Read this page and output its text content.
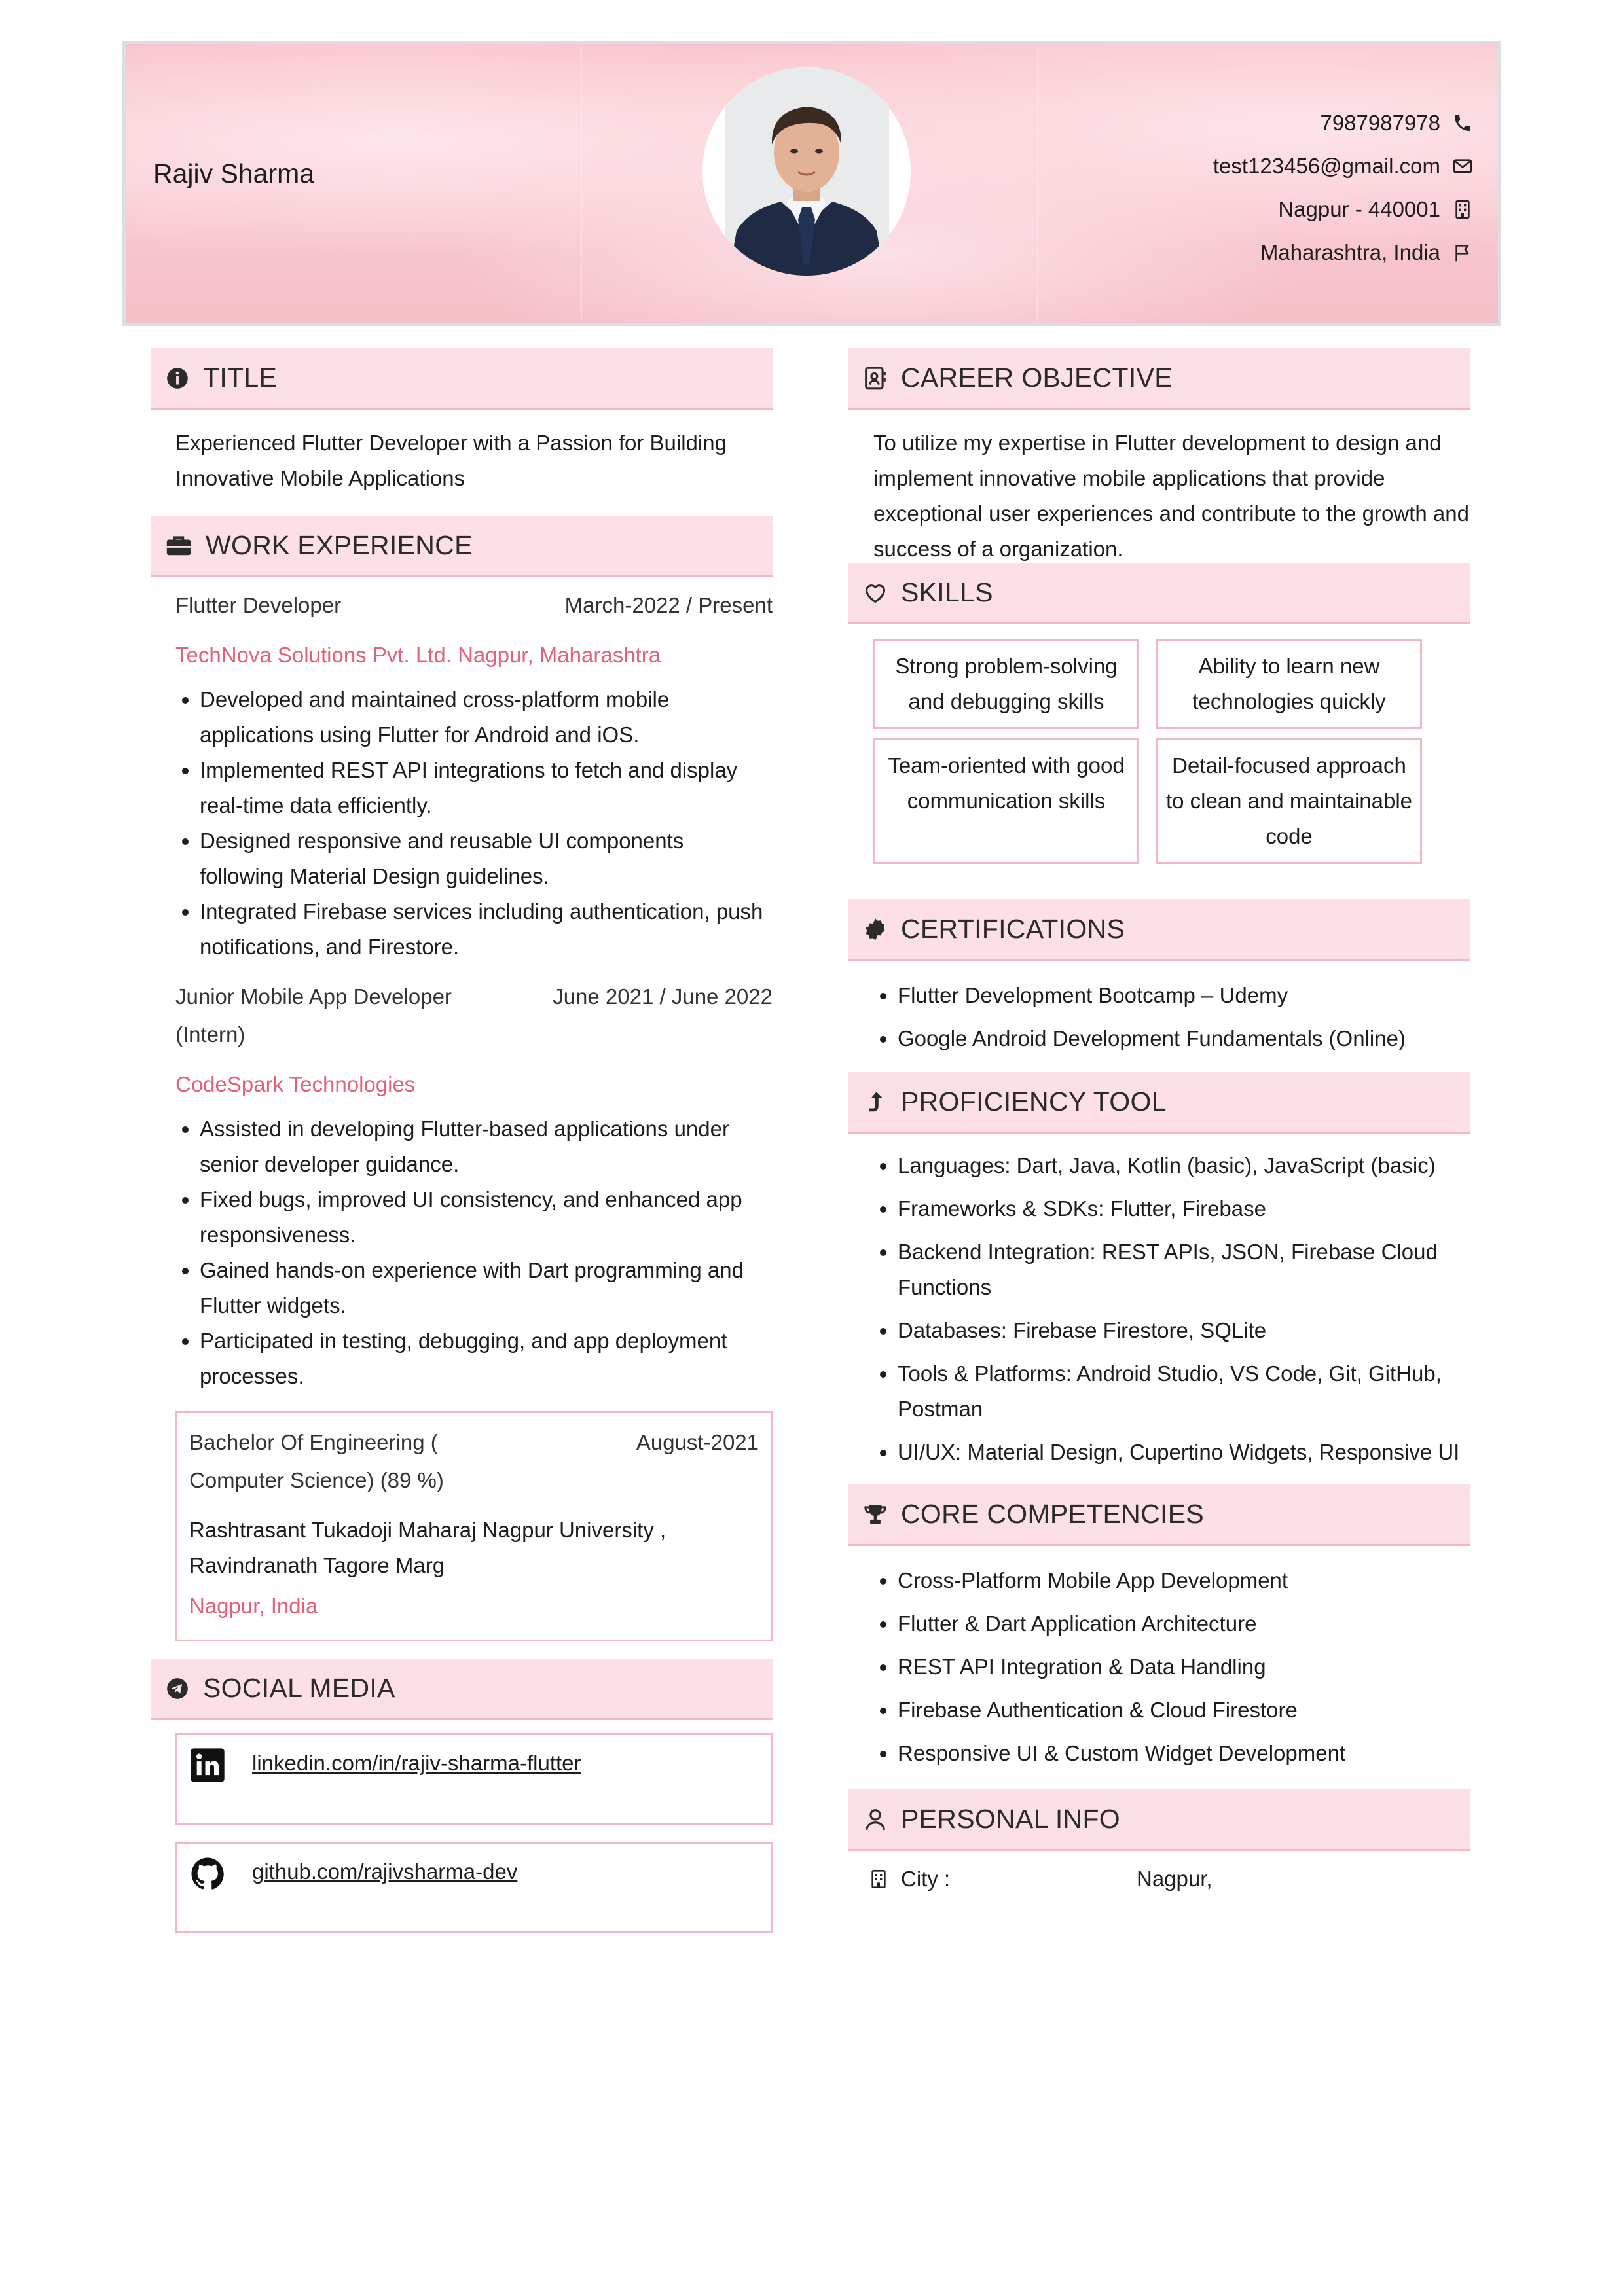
Rajiv Sharma
7987987978
test123456@gmail.com
Nagpur - 440001
Maharashtra, India
TITLE
Experienced Flutter Developer with a Passion for Building Innovative Mobile Applications
WORK EXPERIENCE
Flutter Developer	March-2022 / Present
TechNova Solutions Pvt. Ltd. Nagpur, Maharashtra
• Developed and maintained cross-platform mobile applications using Flutter for Android and iOS.
• Implemented REST API integrations to fetch and display real-time data efficiently.
• Designed responsive and reusable UI components following Material Design guidelines.
• Integrated Firebase services including authentication, push notifications, and Firestore.
Junior Mobile App Developer (Intern)
June 2021 / June 2022
CodeSpark Technologies
• Assisted in developing Flutter-based applications under senior developer guidance.
• Fixed bugs, improved UI consistency, and enhanced app responsiveness.
• Gained hands-on experience with Dart programming and Flutter widgets.
• Participated in testing, debugging, and app deployment processes.
Bachelor Of Engineering ( Computer Science) (89 %)
August-2021
Rashtrasant Tukadoji Maharaj Nagpur University , Ravindranath Tagore Marg
Nagpur, India
SOCIAL MEDIA
linkedin.com/in/rajiv-sharma-flutter
github.com/rajivsharma-dev
CAREER OBJECTIVE
To utilize my expertise in Flutter development to design and implement innovative mobile applications that provide exceptional user experiences and contribute to the growth and success of a organization.
SKILLS
Strong problem-solving and debugging skills
Ability to learn new technologies quickly
Team-oriented with good communication skills
Detail-focused approach to clean and maintainable code
CERTIFICATIONS
• Flutter Development Bootcamp – Udemy
• Google Android Development Fundamentals (Online)
PROFICIENCY TOOL
• Languages: Dart, Java, Kotlin (basic), JavaScript (basic)
• Frameworks & SDKs: Flutter, Firebase
• Backend Integration: REST APIs, JSON, Firebase Cloud Functions
• Databases: Firebase Firestore, SQLite
• Tools & Platforms: Android Studio, VS Code, Git, GitHub, Postman
• UI/UX: Material Design, Cupertino Widgets, Responsive UI
CORE COMPETENCIES
• Cross-Platform Mobile App Development
• Flutter & Dart Application Architecture
• REST API Integration & Data Handling
• Firebase Authentication & Cloud Firestore
• Responsive UI & Custom Widget Development
PERSONAL INFO
City :	Nagpur,
